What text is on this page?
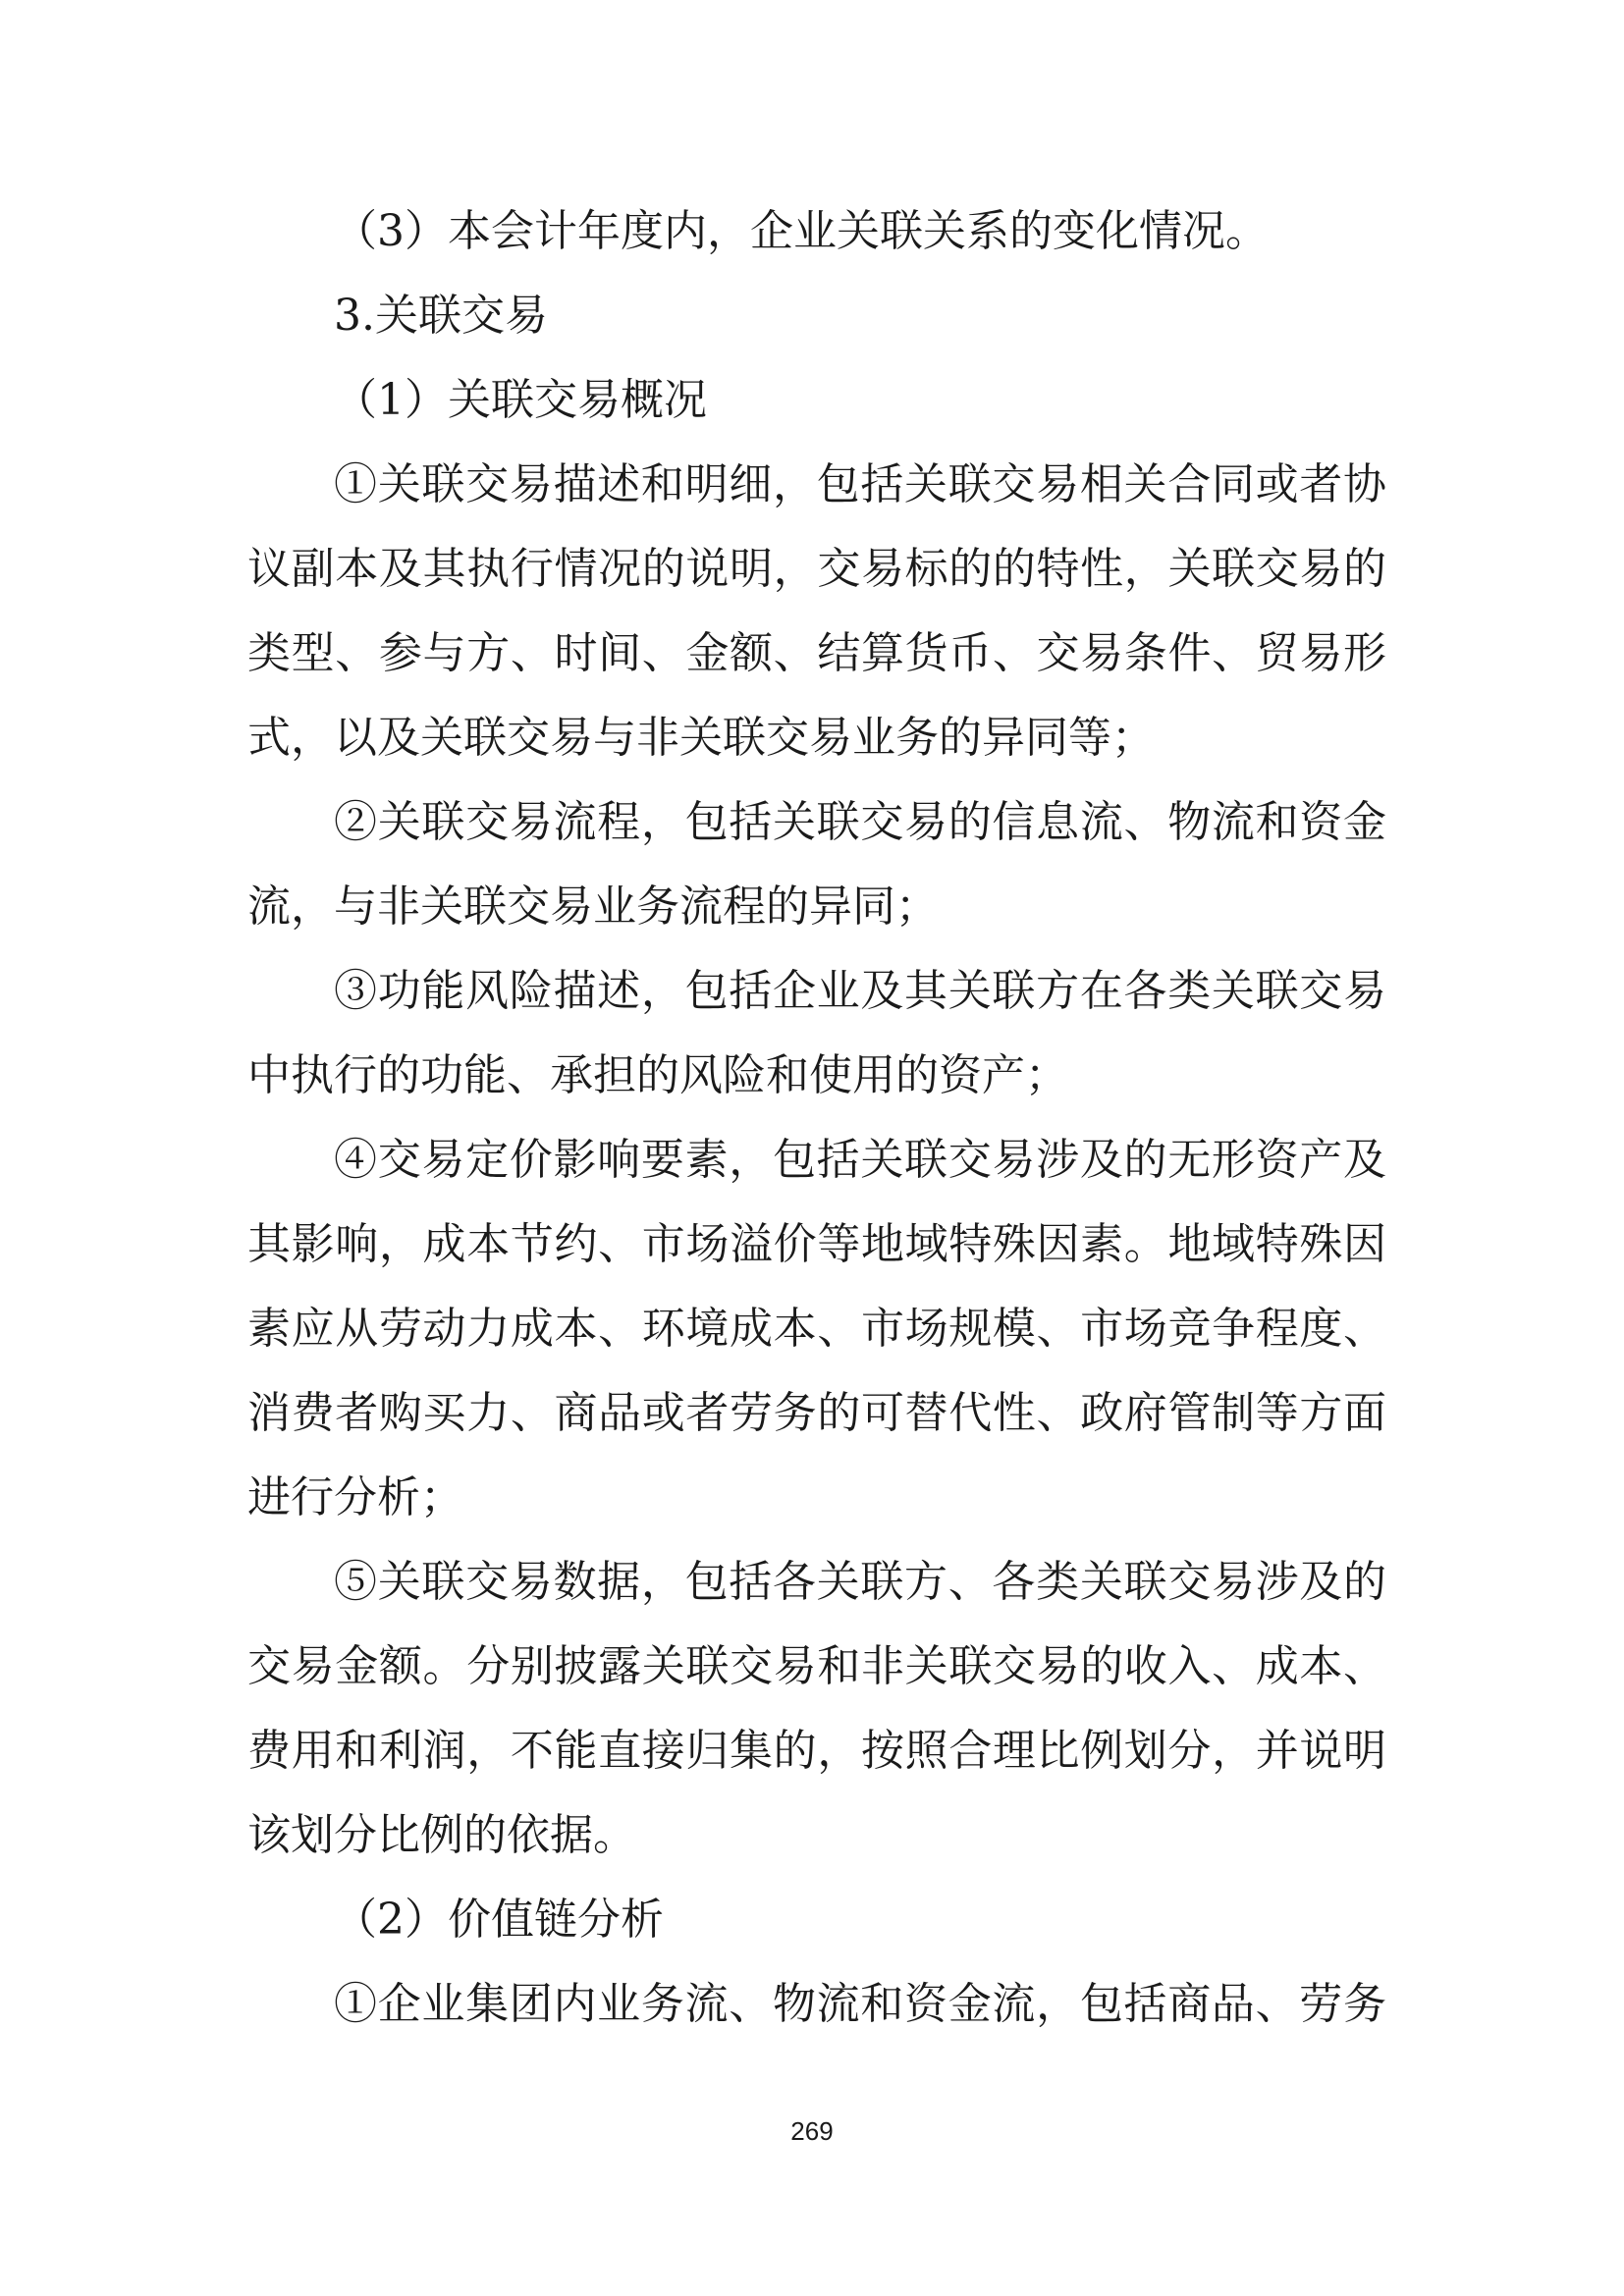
（3）本会计年度内，企业关联关系的变化情况。
3.关联交易
（1）关联交易概况
①关联交易描述和明细，包括关联交易相关合同或者协
议副本及其执行情况的说明，交易标的的特性，关联交易的
类型、参与方、时间、金额、结算货币、交易条件、贸易形
式，以及关联交易与非关联交易业务的异同等；
②关联交易流程，包括关联交易的信息流、物流和资金
流，与非关联交易业务流程的异同；
③功能风险描述，包括企业及其关联方在各类关联交易
中执行的功能、承担的风险和使用的资产；
④交易定价影响要素，包括关联交易涉及的无形资产及
其影响，成本节约、市场溢价等地域特殊因素。地域特殊因
素应从劳动力成本、环境成本、市场规模、市场竞争程度、
消费者购买力、商品或者劳务的可替代性、政府管制等方面
进行分析；
⑤关联交易数据，包括各关联方、各类关联交易涉及的
交易金额。分别披露关联交易和非关联交易的收入、成本、
费用和利润，不能直接归集的，按照合理比例划分，并说明
该划分比例的依据。
（2）价值链分析
①企业集团内业务流、物流和资金流，包括商品、劳务
269
